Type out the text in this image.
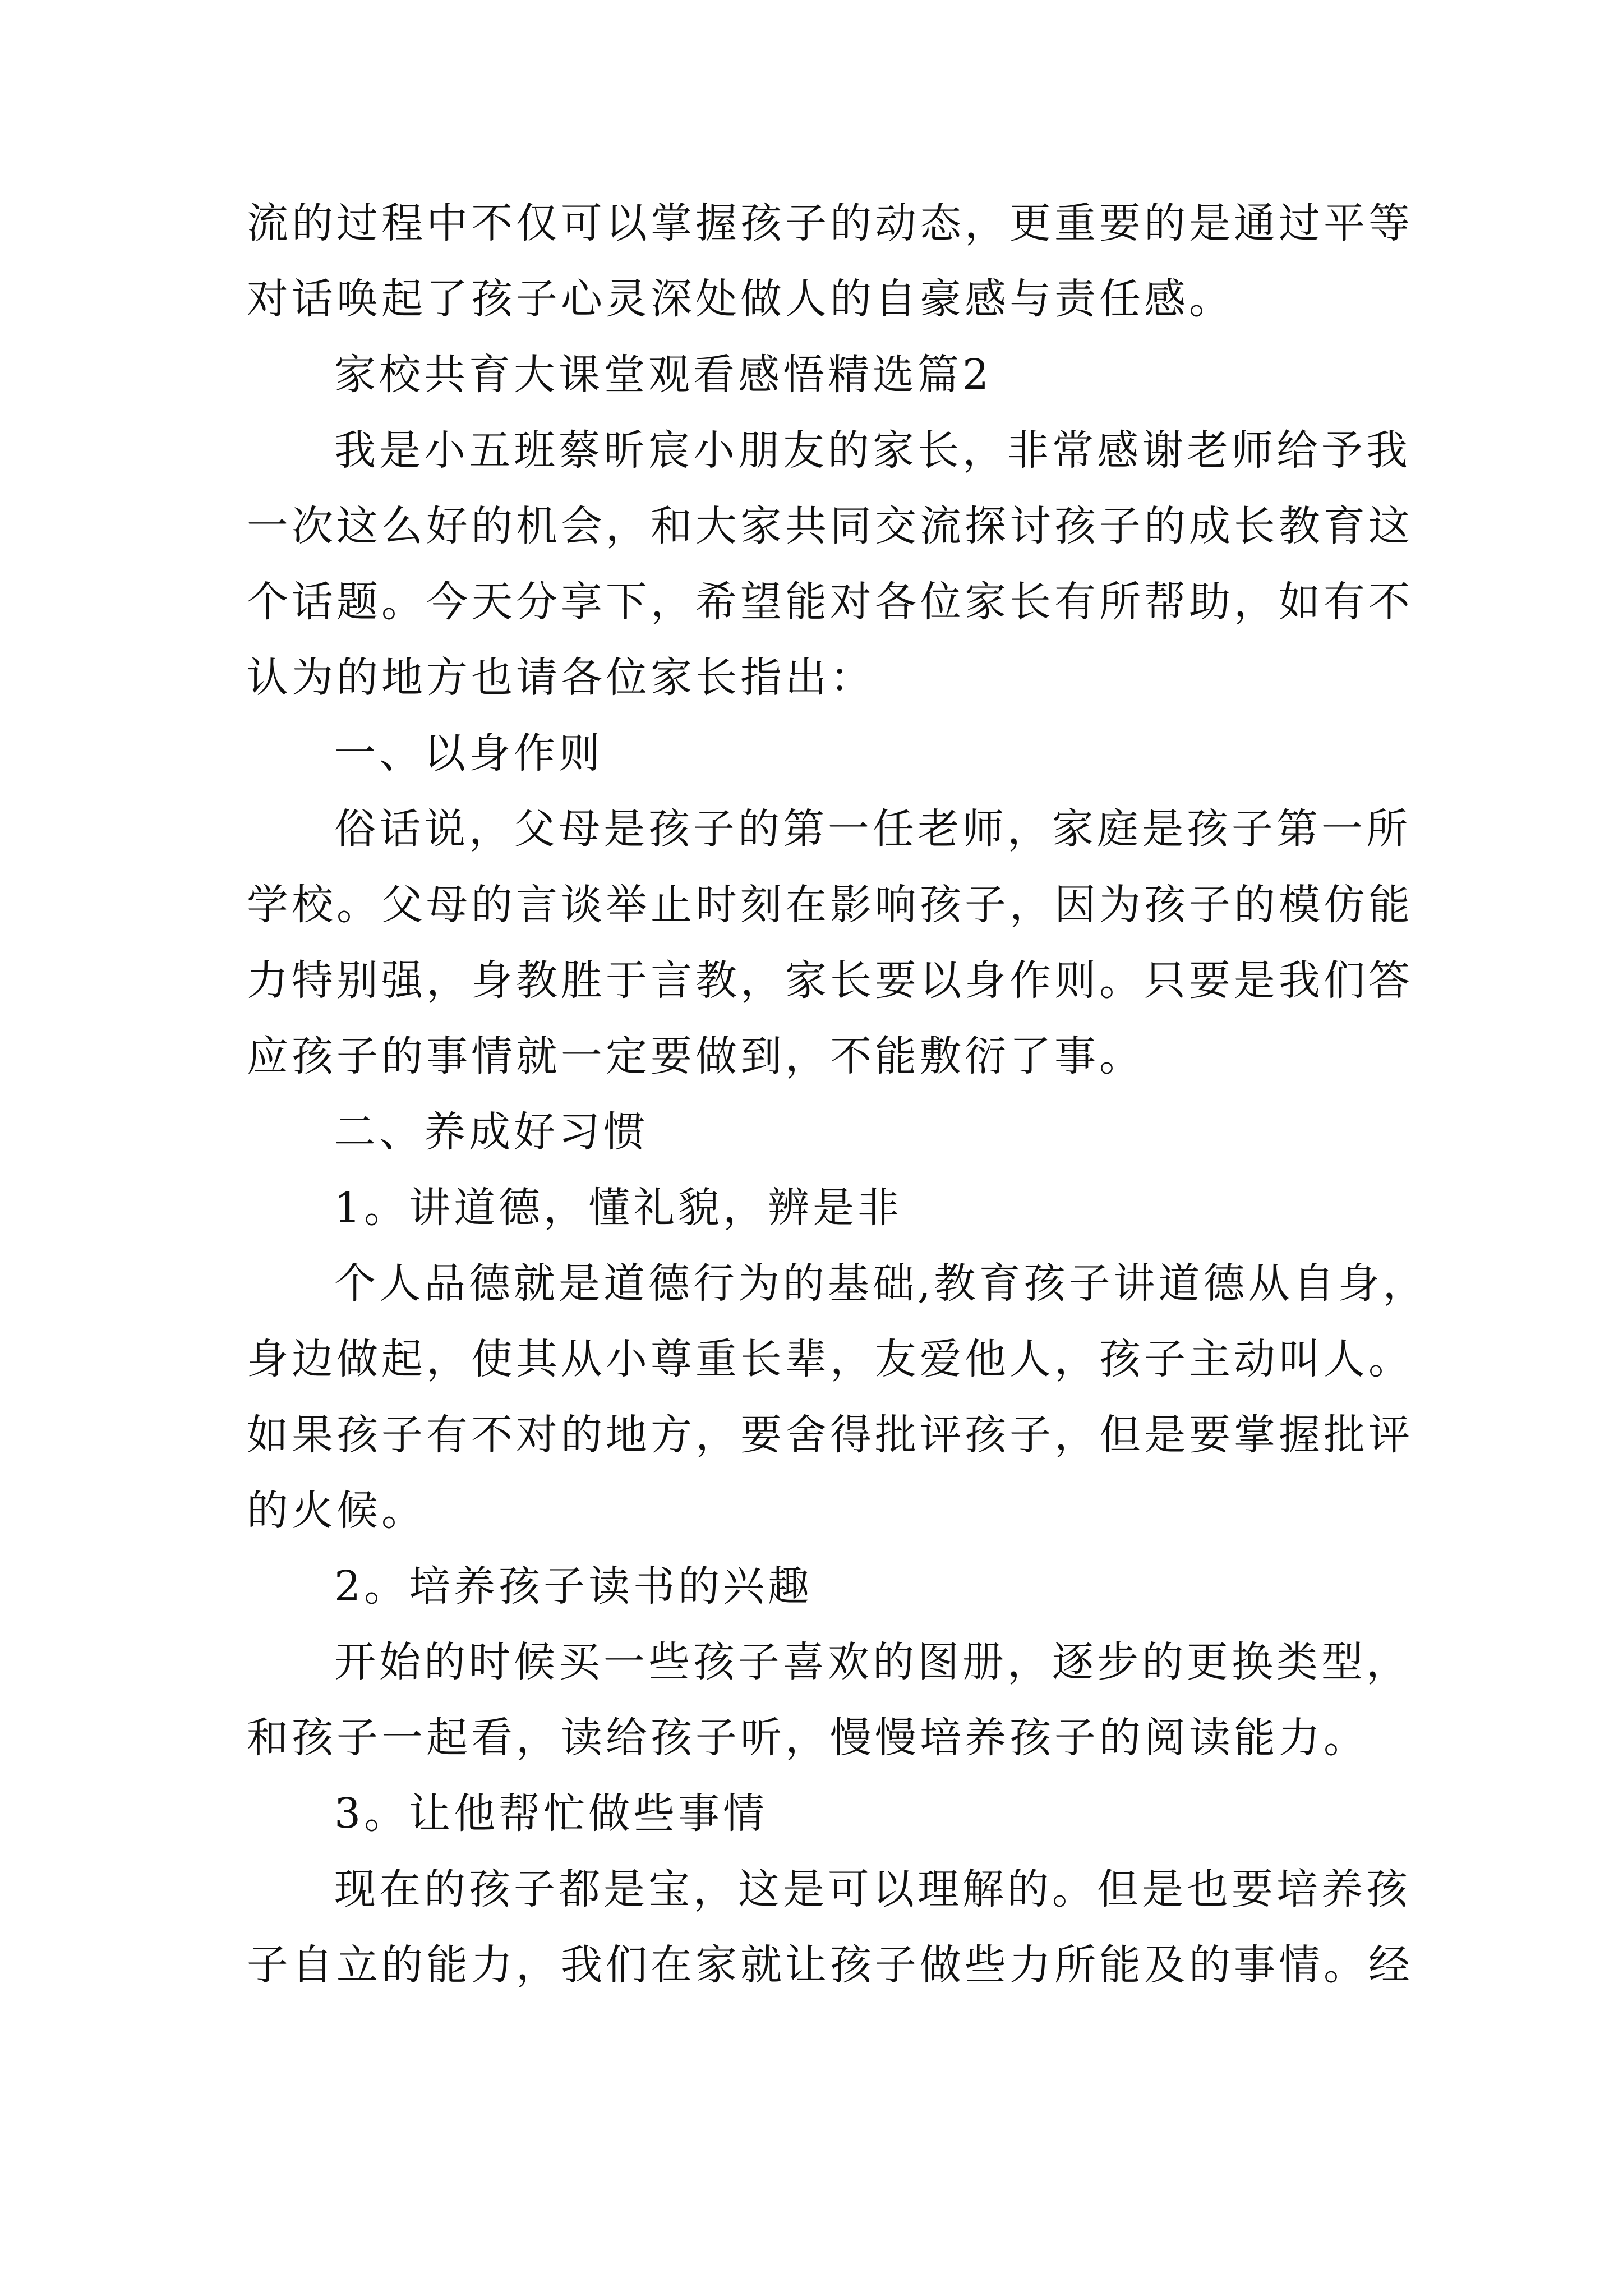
流的过程中不仅可以掌握孩子的动态，更重要的是通过平等
对话唤起了孩子心灵深处做人的自豪感与责任感。
家校共育大课堂观看感悟精选篇2
我是小五班蔡昕宸小朋友的家长，非常感谢老师给予我
一次这么好的机会，和大家共同交流探讨孩子的成长教育这
个话题。今天分享下，希望能对各位家长有所帮助，如有不
认为的地方也请各位家长指出：
一、以身作则
俗话说，父母是孩子的第一任老师，家庭是孩子第一所
学校。父母的言谈举止时刻在影响孩子，因为孩子的模仿能
力特别强，身教胜于言教，家长要以身作则。只要是我们答
应孩子的事情就一定要做到，不能敷衍了事。
二、养成好习惯
1。讲道德，懂礼貌，辨是非
个人品德就是道德行为的基础,教育孩子讲道德从自身，
身边做起，使其从小尊重长辈，友爱他人，孩子主动叫人。
如果孩子有不对的地方，要舍得批评孩子，但是要掌握批评
的火候。
2。培养孩子读书的兴趣
开始的时候买一些孩子喜欢的图册，逐步的更换类型，
和孩子一起看，读给孩子听，慢慢培养孩子的阅读能力。
3。让他帮忙做些事情
现在的孩子都是宝，这是可以理解的。但是也要培养孩
子自立的能力，我们在家就让孩子做些力所能及的事情。经
